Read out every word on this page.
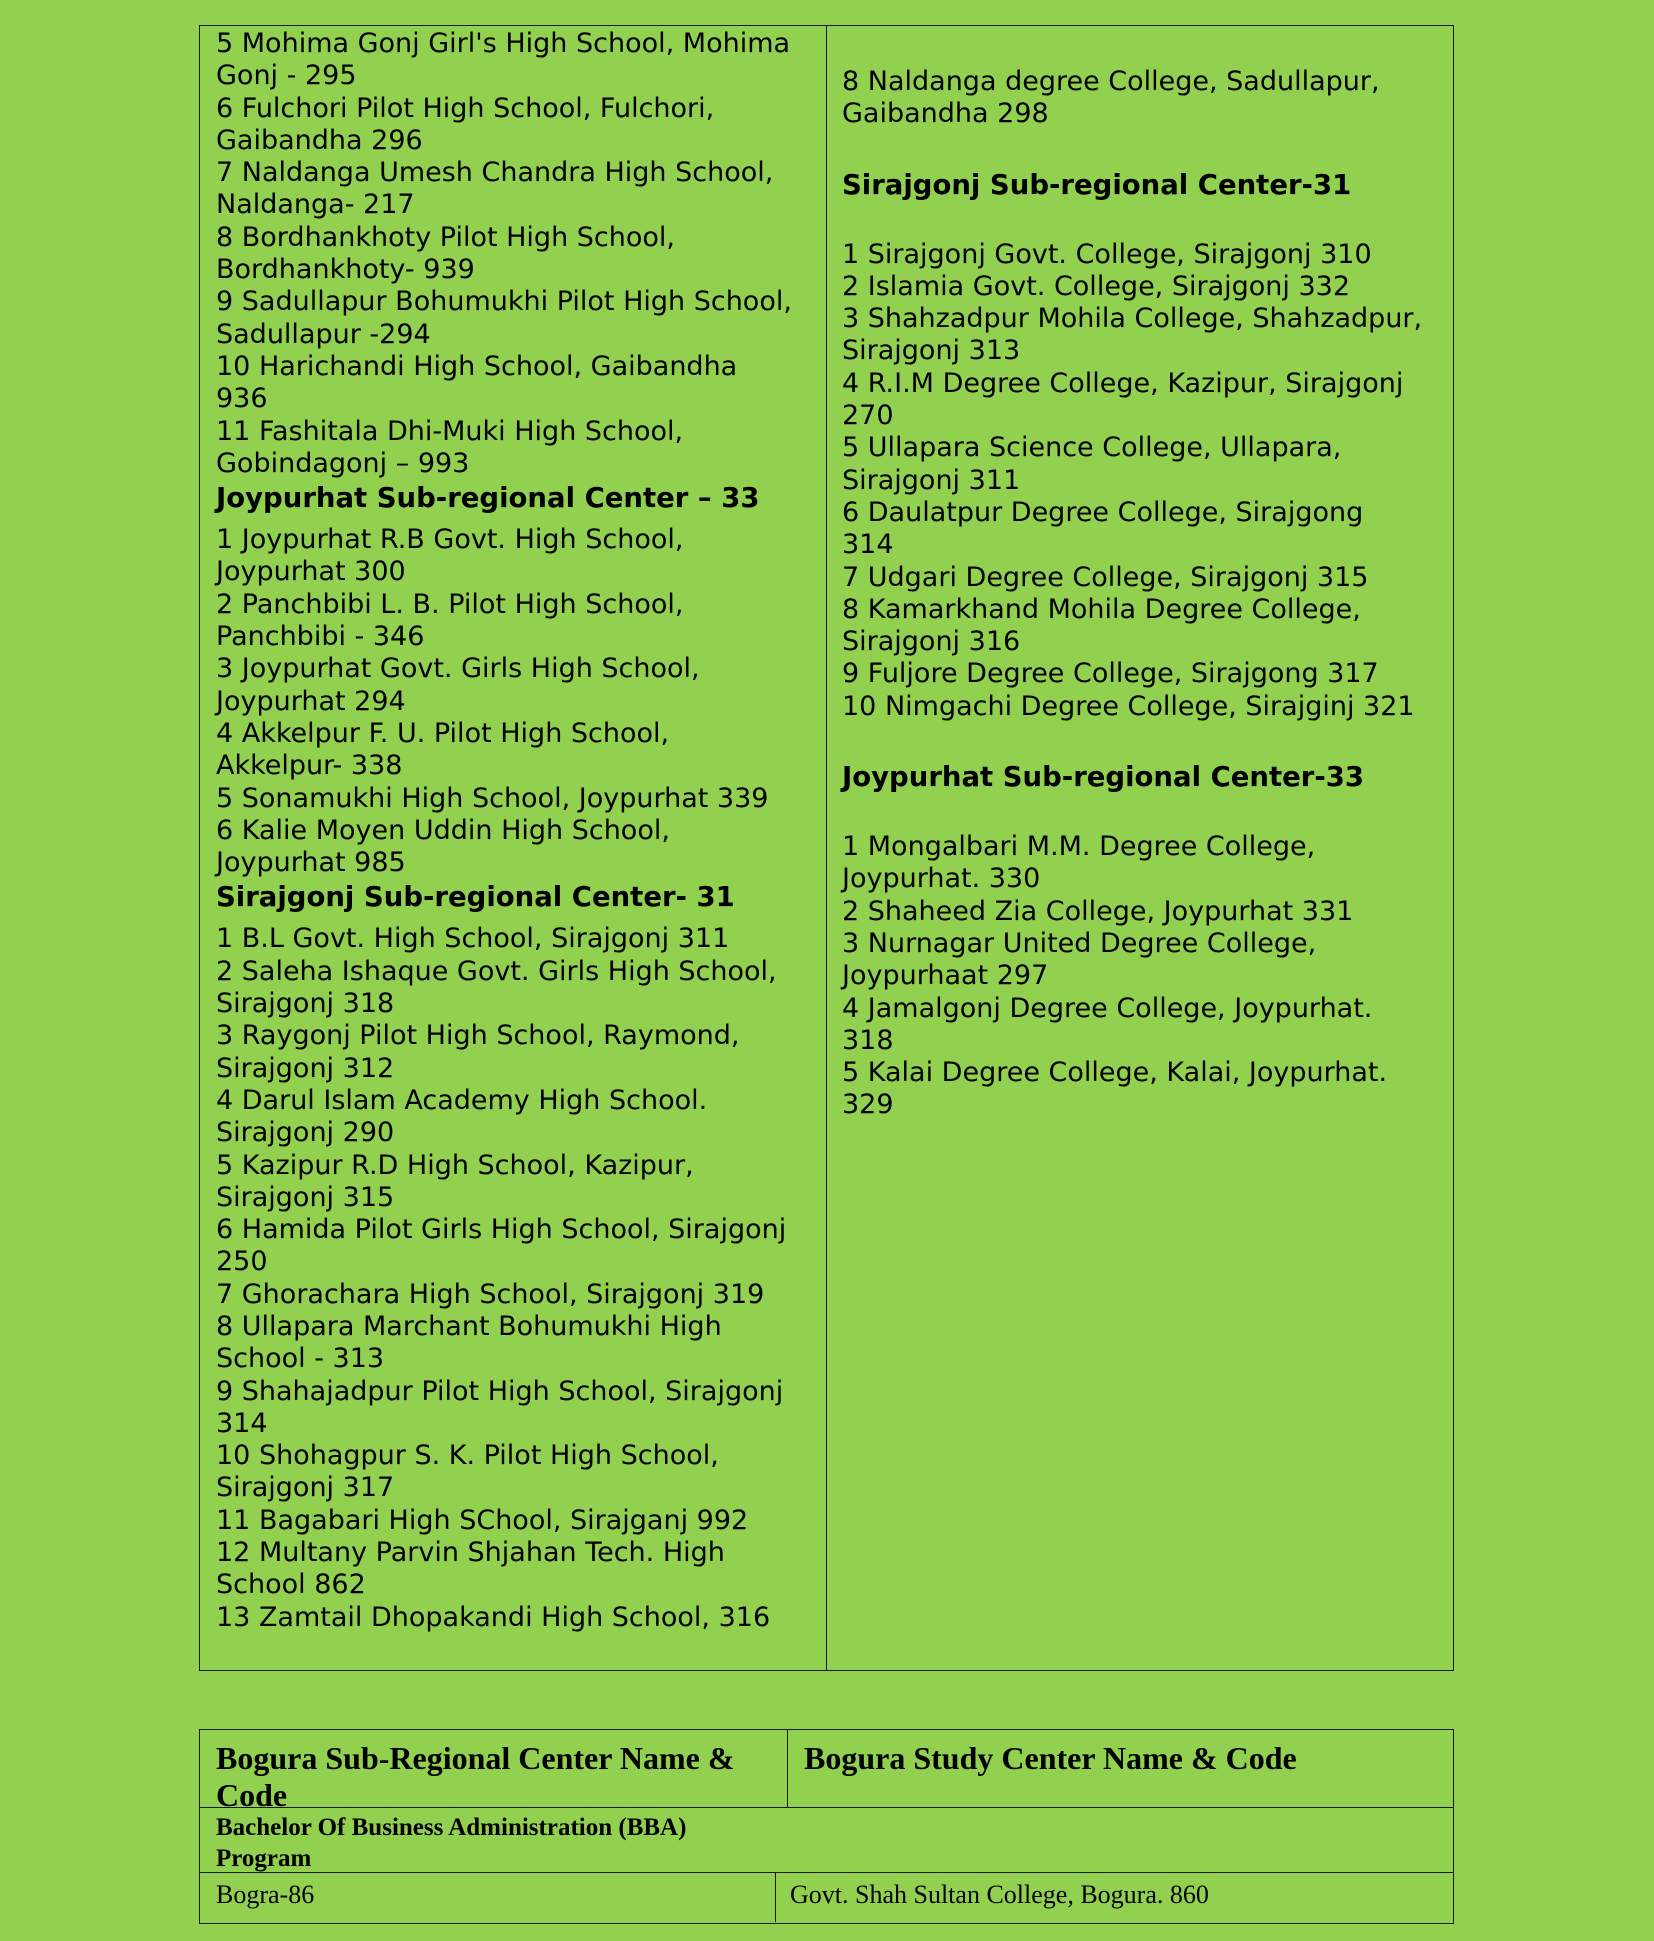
5 Mohima Gonj Girl's High School, Mohima
Gonj - 295
6 Fulchori Pilot High School, Fulchori,
Gaibandha 296
7 Naldanga Umesh Chandra High School,
Naldanga- 217
8 Bordhankhoty Pilot High School,
Bordhankhoty- 939
9 Sadullapur Bohumukhi Pilot High School,
Sadullapur -294
10 Harichandi High School, Gaibandha
936
11 Fashitala Dhi-Muki High School,
Gobindagonj – 993
Joypurhat Sub-regional Center – 33
1 Joypurhat R.B Govt. High School,
Joypurhat 300
2 Panchbibi L. B. Pilot High School,
Panchbibi - 346
3 Joypurhat Govt. Girls High School,
Joypurhat 294
4 Akkelpur F. U. Pilot High School,
Akkelpur- 338
5 Sonamukhi High School, Joypurhat 339
6 Kalie Moyen Uddin High School,
Joypurhat 985
Sirajgonj Sub-regional Center- 31
1 B.L Govt. High School, Sirajgonj 311
2 Saleha Ishaque Govt. Girls High School,
Sirajgonj 318
3 Raygonj Pilot High School, Raymond,
Sirajgonj 312
4 Darul Islam Academy High School.
Sirajgonj 290
5 Kazipur R.D High School, Kazipur,
Sirajgonj 315
6 Hamida Pilot Girls High School, Sirajgonj
250
7 Ghorachara High School, Sirajgonj 319
8 Ullapara Marchant Bohumukhi High
School - 313
9 Shahajadpur Pilot High School, Sirajgonj
314
10 Shohagpur S. K. Pilot High School,
Sirajgonj 317
11 Bagabari High SChool, Sirajganj 992
12 Multany Parvin Shjahan Tech. High
School 862
13 Zamtail Dhopakandi High School, 316
8 Naldanga degree College, Sadullapur,
Gaibandha 298
Sirajgonj Sub-regional Center-31
1 Sirajgonj Govt. College, Sirajgonj 310
2 Islamia Govt. College, Sirajgonj 332
3 Shahzadpur Mohila College, Shahzadpur,
Sirajgonj 313
4 R.I.M Degree College, Kazipur, Sirajgonj
270
5 Ullapara Science College, Ullapara,
Sirajgonj 311
6 Daulatpur Degree College, Sirajgong
314
7 Udgari Degree College, Sirajgonj 315
8 Kamarkhand Mohila Degree College,
Sirajgonj 316
9 Fuljore Degree College, Sirajgong 317
10 Nimgachi Degree College, Sirajginj 321
Joypurhat Sub-regional Center-33
1 Mongalbari M.M. Degree College,
Joypurhat. 330
2 Shaheed Zia College, Joypurhat 331
3 Nurnagar United Degree College,
Joypurhaat 297
4 Jamalgonj Degree College, Joypurhat.
318
5 Kalai Degree College, Kalai, Joypurhat.
329
Bogura Sub-Regional Center Name & Code
Bogura Study Center Name & Code
Bachelor Of Business Administration (BBA) Program
Bogra-86	Govt. Shah Sultan College, Bogura. 860
